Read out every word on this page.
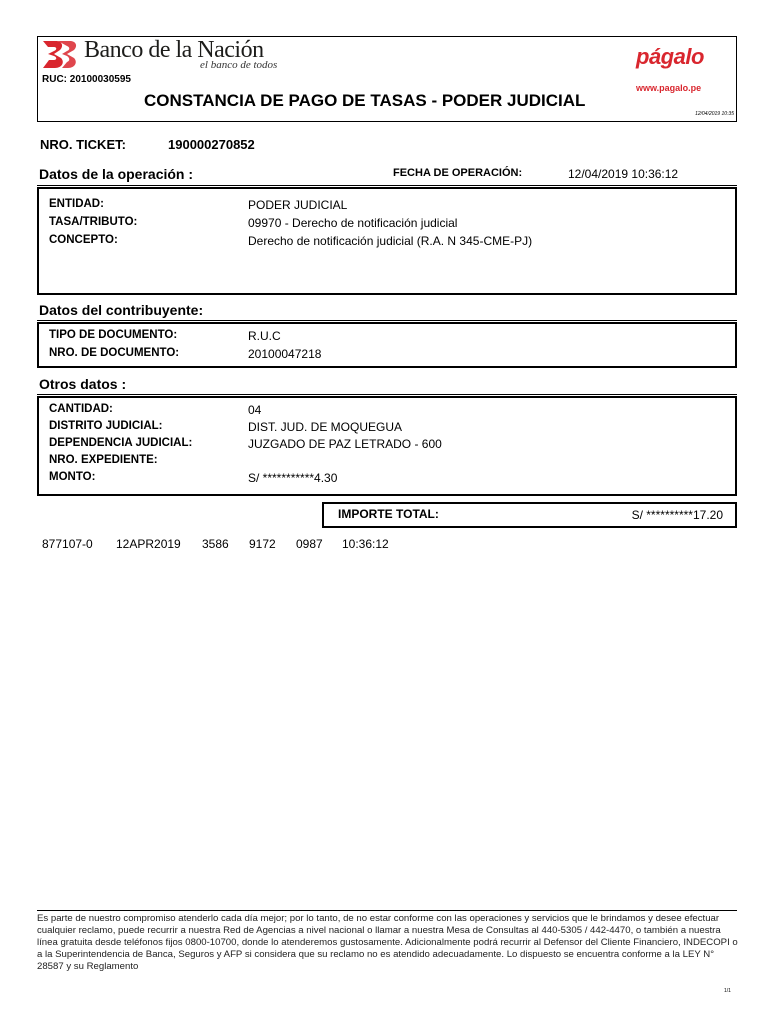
Banco de la Nación
el banco de todos
RUC: 20100030595
CONSTANCIA DE PAGO DE TASAS - PODER JUDICIAL
págalo
www.pagalo.pe
12/04/2019 10:35
NRO. TICKET:	190000270852
Datos de la operación :	FECHA DE OPERACIÓN:	12/04/2019 10:36:12
ENTIDAD:	PODER JUDICIAL
TASA/TRIBUTO:	09970 - Derecho de notificación judicial
CONCEPTO:	Derecho de notificación judicial (R.A. N 345-CME-PJ)
Datos del contribuyente:
TIPO DE DOCUMENTO:	R.U.C
NRO. DE DOCUMENTO:	20100047218
Otros datos :
CANTIDAD:	04
DISTRITO JUDICIAL:	DIST. JUD. DE MOQUEGUA
DEPENDENCIA JUDICIAL:	JUZGADO DE PAZ LETRADO - 600
NRO. EXPEDIENTE:
MONTO:	S/ ***********4.30
IMPORTE TOTAL:	S/ **********17.20
877107-0 12APR2019 3586 9172 0987 10:36:12
Es parte de nuestro compromiso atenderlo cada día mejor; por lo tanto, de no estar conforme con las operaciones y servicios que le brindamos y desee efectuar cualquier reclamo, puede recurrir a nuestra Red de Agencias a nivel nacional o llamar a nuestra Mesa de Consultas al 440-5305 / 442-4470, o también a nuestra línea gratuita desde teléfonos fijos 0800-10700, donde lo atenderemos gustosamente. Adicionalmente podrá recurrir al Defensor del Cliente Financiero, INDECOPI o a la Superintendencia de Banca, Seguros y AFP si considera que su reclamo no es atendido adecuadamente. Lo dispuesto se encuentra conforme a la LEY N° 28587 y su Reglamento
1/1
